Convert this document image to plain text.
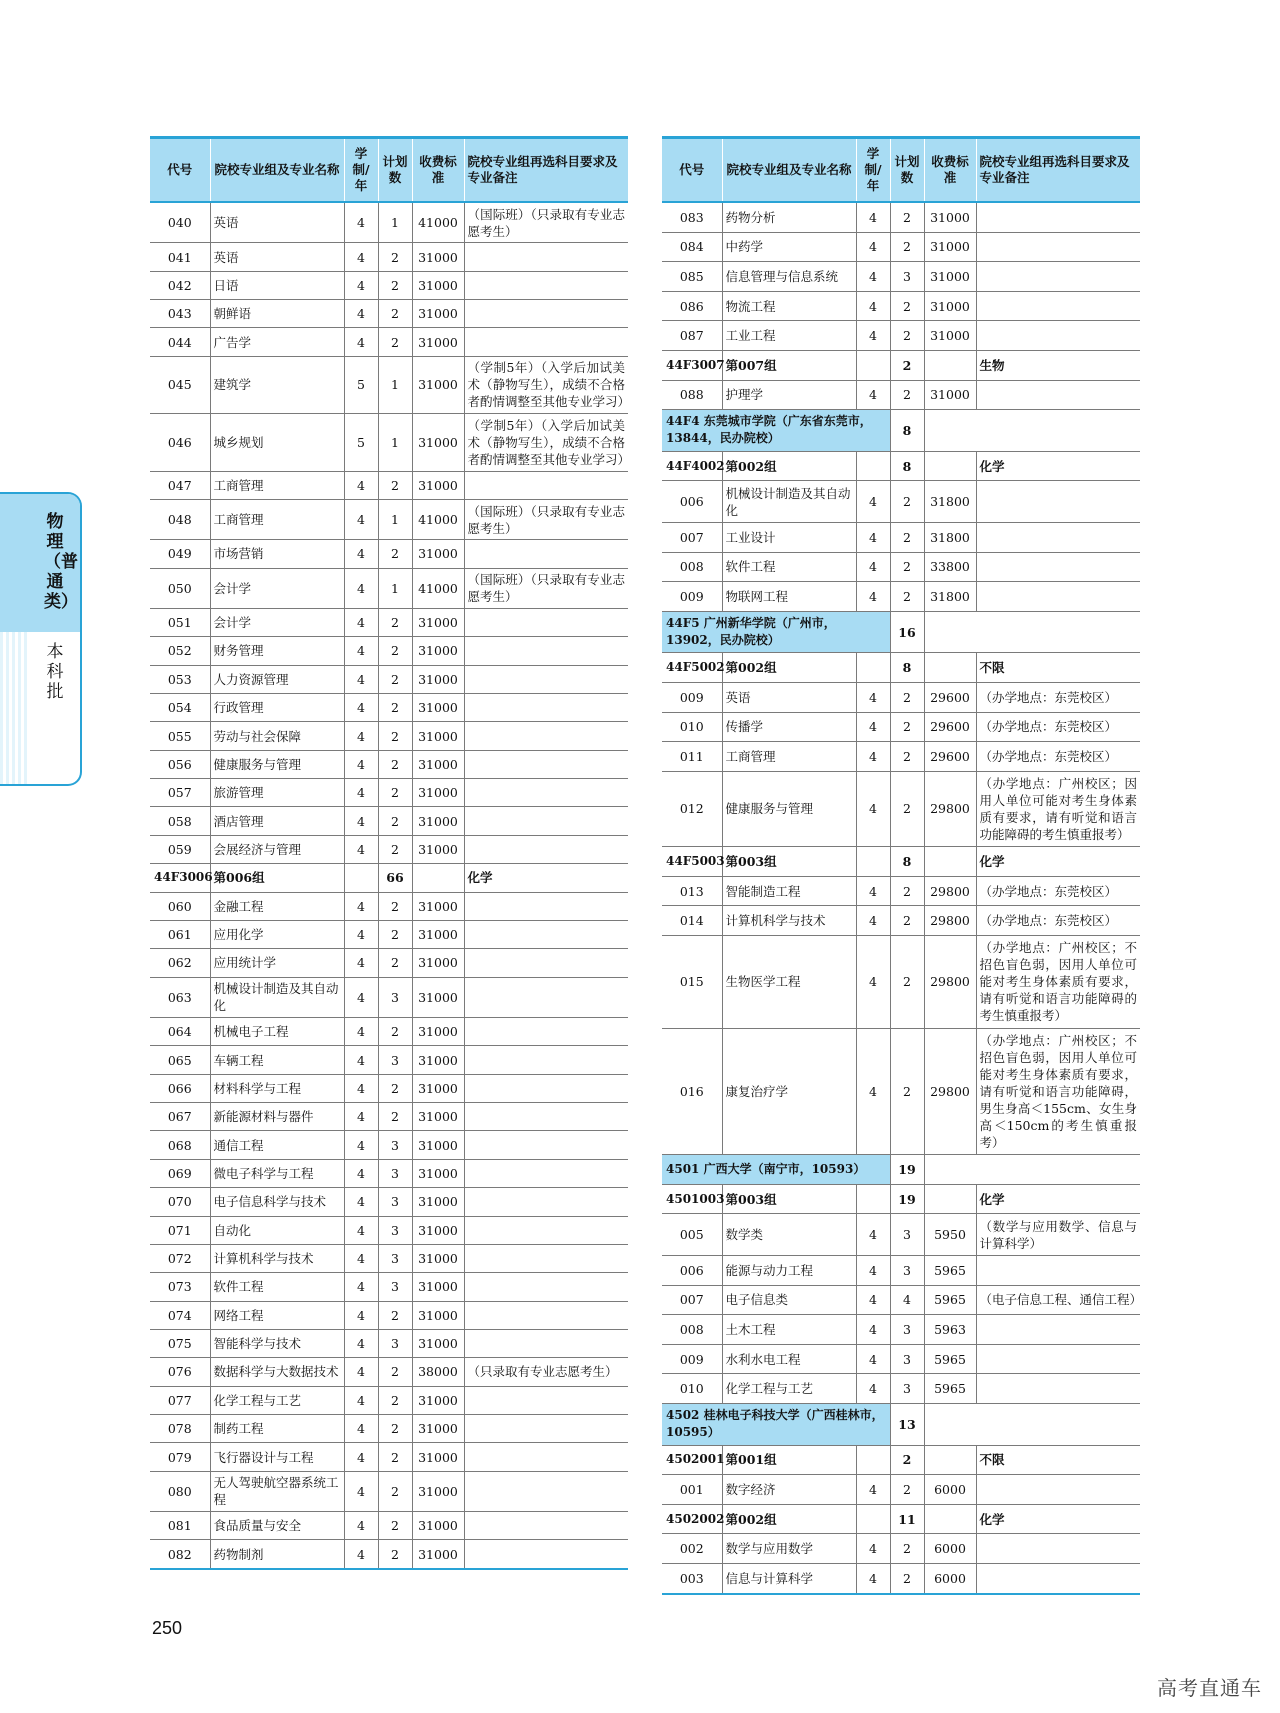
代号	院校专业组及专业名称	学制/年	计划数	收费标准	院校专业组再选科目要求及专业备注
040	英语	4	1	41000	（国际班）（只录取有专业志愿考生）
041	英语	4	2	31000	
042	日语	4	2	31000	
043	朝鲜语	4	2	31000	
044	广告学	4	2	31000	
045	建筑学	5	1	31000	（学制5年）（入学后加试美术（静物写生），成绩不合格者酌情调整至其他专业学习）
046	城乡规划	5	1	31000	（学制5年）（入学后加试美术（静物写生），成绩不合格者酌情调整至其他专业学习）
047	工商管理	4	2	31000	
048	工商管理	4	1	41000	（国际班）（只录取有专业志愿考生）
049	市场营销	4	2	31000	
050	会计学	4	1	41000	（国际班）（只录取有专业志愿考生）
051	会计学	4	2	31000	
052	财务管理	4	2	31000	
053	人力资源管理	4	2	31000	
054	行政管理	4	2	31000	
055	劳动与社会保障	4	2	31000	
056	健康服务与管理	4	2	31000	
057	旅游管理	4	2	31000	
058	酒店管理	4	2	31000	
059	会展经济与管理	4	2	31000	
44F3006	第006组		66		化学
060	金融工程	4	2	31000	
061	应用化学	4	2	31000	
062	应用统计学	4	2	31000	
063	机械设计制造及其自动化	4	3	31000	
064	机械电子工程	4	2	31000	
065	车辆工程	4	3	31000	
066	材料科学与工程	4	2	31000	
067	新能源材料与器件	4	2	31000	
068	通信工程	4	3	31000	
069	微电子科学与工程	4	3	31000	
070	电子信息科学与技术	4	3	31000	
071	自动化	4	3	31000	
072	计算机科学与技术	4	3	31000	
073	软件工程	4	3	31000	
074	网络工程	4	2	31000	
075	智能科学与技术	4	3	31000	
076	数据科学与大数据技术	4	2	38000	（只录取有专业志愿考生）
077	化学工程与工艺	4	2	31000	
078	制药工程	4	2	31000	
079	飞行器设计与工程	4	2	31000	
080	无人驾驶航空器系统工程	4	2	31000	
081	食品质量与安全	4	2	31000	
082	药物制剂	4	2	31000	
代号	院校专业组及专业名称	学制/年	计划数	收费标准	院校专业组再选科目要求及专业备注
083	药物分析	4	2	31000	
084	中药学	4	2	31000	
085	信息管理与信息系统	4	3	31000	
086	物流工程	4	2	31000	
087	工业工程	4	2	31000	
44F3007	第007组		2		生物
088	护理学	4	2	31000	
44F4 东莞城市学院（广东省东莞市，13844，民办院校）			8		
44F4002	第002组		8		化学
006	机械设计制造及其自动化	4	2	31800	
007	工业设计	4	2	31800	
008	软件工程	4	2	33800	
009	物联网工程	4	2	31800	
44F5 广州新华学院（广州市，13902，民办院校）			16		
44F5002	第002组		8		不限
009	英语	4	2	29600	（办学地点：东莞校区）
010	传播学	4	2	29600	（办学地点：东莞校区）
011	工商管理	4	2	29600	（办学地点：东莞校区）
012	健康服务与管理	4	2	29800	（办学地点：广州校区；因用人单位可能对考生身体素质有要求，请有听觉和语言功能障碍的考生慎重报考）
44F5003	第003组		8		化学
013	智能制造工程	4	2	29800	（办学地点：东莞校区）
014	计算机科学与技术	4	2	29800	（办学地点：东莞校区）
015	生物医学工程	4	2	29800	（办学地点：广州校区；不招色盲色弱，因用人单位可能对考生身体素质有要求，请有听觉和语言功能障碍的考生慎重报考）
016	康复治疗学	4	2	29800	（办学地点：广州校区；不招色盲色弱，因用人单位可能对考生身体素质有要求，请有听觉和语言功能障碍，男生身高＜155cm、女生身高＜150cm的考生慎重报考）
4501 广西大学（南宁市，10593）			19		
4501003	第003组		19		化学
005	数学类	4	3	5950	（数学与应用数学、信息与计算科学）
006	能源与动力工程	4	3	5965	
007	电子信息类	4	4	5965	（电子信息工程、通信工程）
008	土木工程	4	3	5963	
009	水利水电工程	4	3	5965	
010	化学工程与工艺	4	3	5965	
4502 桂林电子科技大学（广西桂林市，10595）			13		
4502001	第001组		2		不限
001	数字经济	4	2	6000	
4502002	第002组		11		化学
002	数学与应用数学	4	2	6000	
003	信息与计算科学	4	2	6000	
物理（普通类）
本科批
250
高考直通车
